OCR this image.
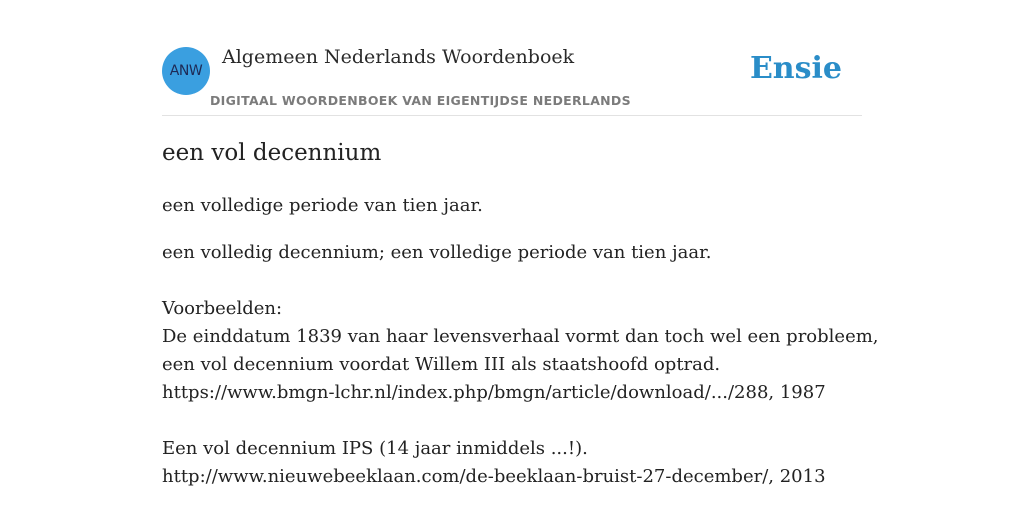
ANW
Algemeen Nederlands Woordenboek
DIGITAAL WOORDENBOEK VAN EIGENTIJDSE NEDERLANDS
Ensie
een vol decennium
een volledige periode van tien jaar.
een volledig decennium; een volledige periode van tien jaar.
Voorbeelden:
De einddatum 1839 van haar levensverhaal vormt dan toch wel een probleem,
een vol decennium voordat Willem III als staatshoofd optrad.
https://www.bmgn-lchr.nl/index.php/bmgn/article/download/.../288, 1987
Een vol decennium IPS (14 jaar inmiddels ...!).
http://www.nieuwebeeklaan.com/de-beeklaan-bruist-27-december/, 2013
